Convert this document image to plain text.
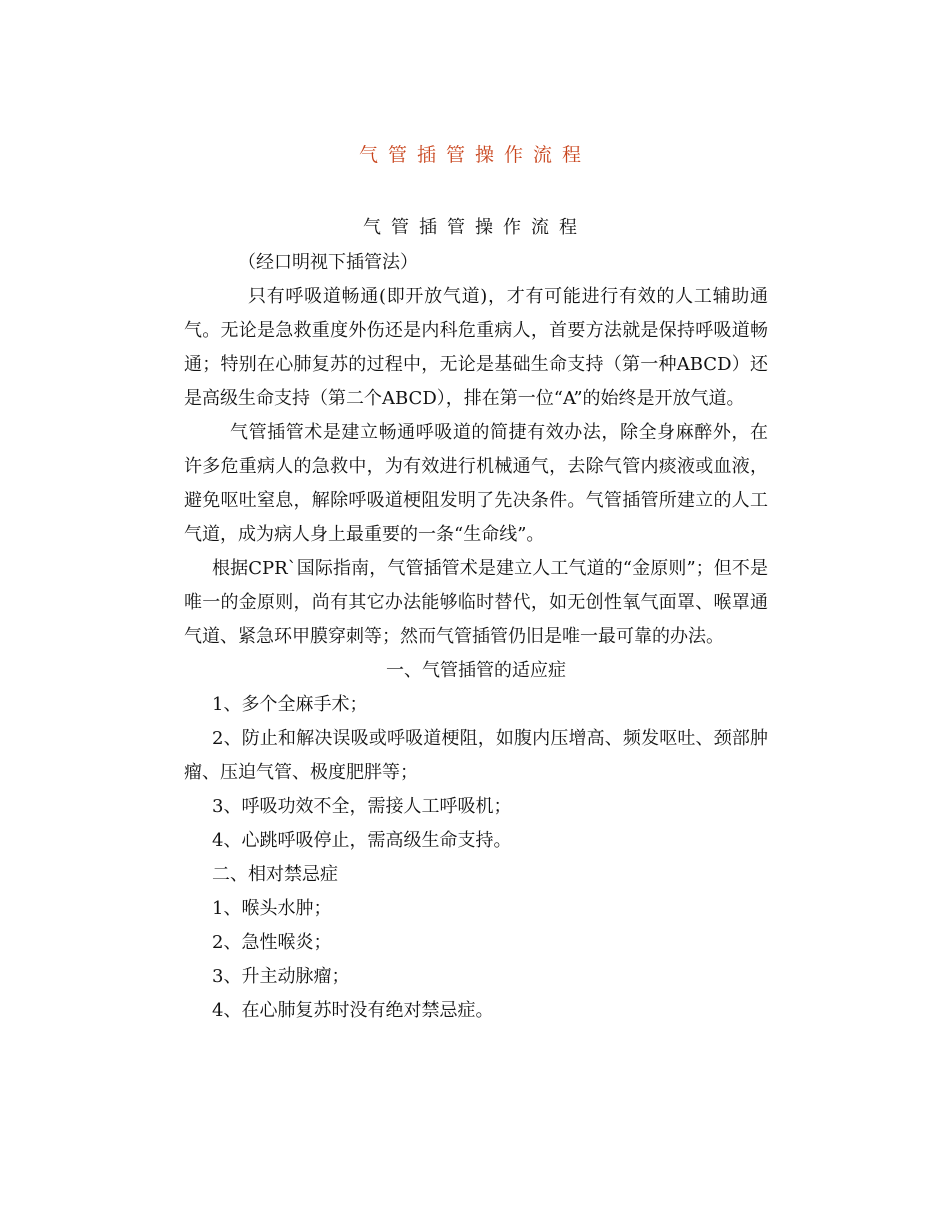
气管插管操作流程
气管插管操作流程

（经口明视下插管法）

只有呼吸道畅通(即开放气道)，才有可能进行有效的人工辅助通气。无论是急救重度外伤还是内科危重病人，首要方法就是保持呼吸道畅通；特别在心肺复苏的过程中，无论是基础生命支持（第一种ABCD）还是高级生命支持（第二个ABCD），排在第一位“A”的始终是开放气道。

气管插管术是建立畅通呼吸道的简捷有效办法，除全身麻醉外，在许多危重病人的急救中，为有效进行机械通气，去除气管内痰液或血液，避免呕吐窒息，解除呼吸道梗阻发明了先决条件。气管插管所建立的人工气道，成为病人身上最重要的一条“生命线”。

根据CPR`国际指南，气管插管术是建立人工气道的“金原则”；但不是唯一的金原则，尚有其它办法能够临时替代，如无创性氧气面罩、喉罩通气道、紧急环甲膜穿刺等；然而气管插管仍旧是唯一最可靠的办法。

一、气管插管的适应症

1、多个全麻手术；

2、防止和解决误吸或呼吸道梗阻，如腹内压增高、频发呕吐、颈部肿瘤、压迫气管、极度肥胖等；

3、呼吸功效不全，需接人工呼吸机；

4、心跳呼吸停止，需高级生命支持。

二、相对禁忌症

1、喉头水肿；

2、急性喉炎；

3、升主动脉瘤；

4、在心肺复苏时没有绝对禁忌症。
